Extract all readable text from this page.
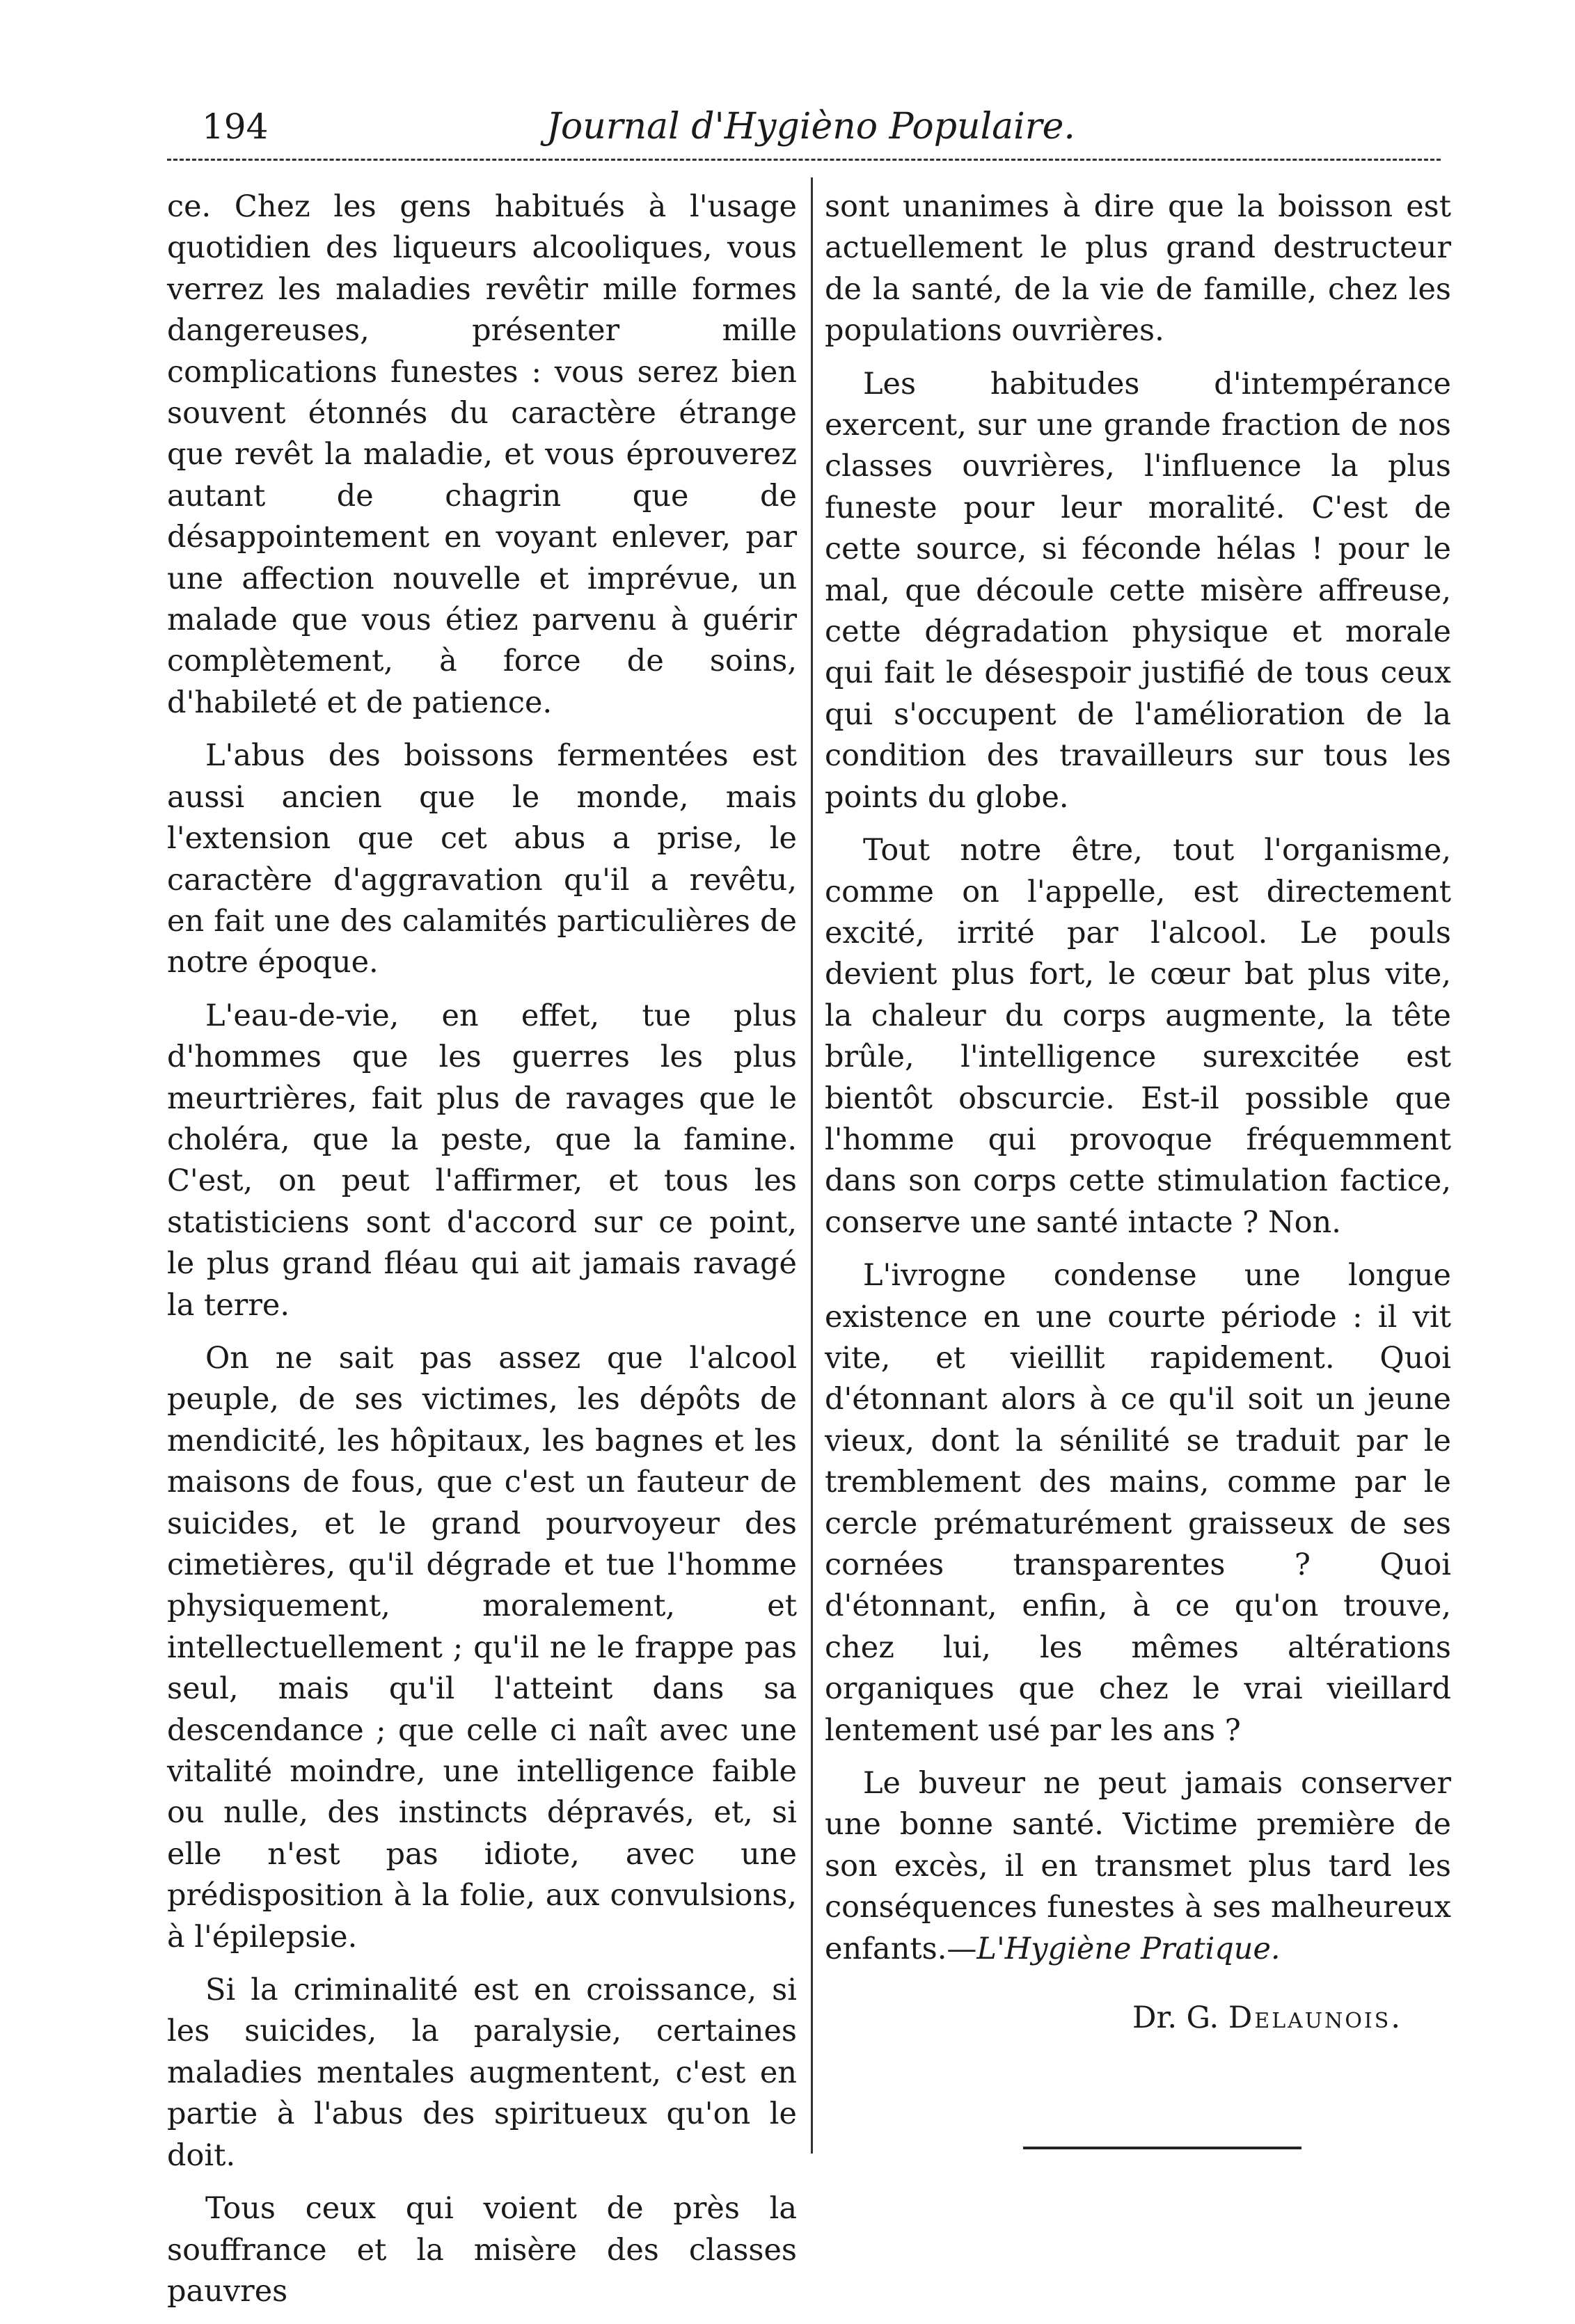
194	Journal d'Hygièno Populaire.

ce. Chez les gens habitués à l'usage quotidien des liqueurs alcooliques, vous verrez les maladies revêtir mille formes dangereuses, présenter mille complications funestes : vous serez bien souvent étonnés du caractère étrange que revêt la maladie, et vous éprouverez autant de chagrin que de désappointement en voyant enlever, par une affection nouvelle et imprévue, un malade que vous étiez parvenu à guérir complètement, à force de soins, d'habileté et de patience.

L'abus des boissons fermentées est aussi ancien que le monde, mais l'extension que cet abus a prise, le caractère d'aggravation qu'il a revêtu, en fait une des calamités particulières de notre époque.

L'eau-de-vie, en effet, tue plus d'hommes que les guerres les plus meurtrières, fait plus de ravages que le choléra, que la peste, que la famine. C'est, on peut l'affirmer, et tous les statisticiens sont d'accord sur ce point, le plus grand fléau qui ait jamais ravagé la terre.

On ne sait pas assez que l'alcool peuple, de ses victimes, les dépôts de mendicité, les hôpitaux, les bagnes et les maisons de fous, que c'est un fauteur de suicides, et le grand pourvoyeur des cimetières, qu'il dégrade et tue l'homme physiquement, moralement, et intellectuellement ; qu'il ne le frappe pas seul, mais qu'il l'atteint dans sa descendance ; que celle ci naît avec une vitalité moindre, une intelligence faible ou nulle, des instincts dépravés, et, si elle n'est pas idiote, avec une prédisposition à la folie, aux convulsions, à l'épilepsie.

Si la criminalité est en croissance, si les suicides, la paralysie, certaines maladies mentales augmentent, c'est en partie à l'abus des spiritueux qu'on le doit.

Tous ceux qui voient de près la souffrance et la misère des classes pauvres

sont unanimes à dire que la boisson est actuellement le plus grand destructeur de la santé, de la vie de famille, chez les populations ouvrières.

Les habitudes d'intempérance exercent, sur une grande fraction de nos classes ouvrières, l'influence la plus funeste pour leur moralité. C'est de cette source, si féconde hélas ! pour le mal, que découle cette misère affreuse, cette dégradation physique et morale qui fait le désespoir justifié de tous ceux qui s'occupent de l'amélioration de la condition des travailleurs sur tous les points du globe.

Tout notre être, tout l'organisme, comme on l'appelle, est directement excité, irrité par l'alcool. Le pouls devient plus fort, le cœur bat plus vite, la chaleur du corps augmente, la tête brûle, l'intelligence surexcitée est bientôt obscurcie. Est-il possible que l'homme qui provoque fréquemment dans son corps cette stimulation factice, conserve une santé intacte ? Non.

L'ivrogne condense une longue existence en une courte période : il vit vite, et vieillit rapidement. Quoi d'étonnant alors à ce qu'il soit un jeune vieux, dont la sénilité se traduit par le tremblement des mains, comme par le cercle prématurément graisseux de ses cornées transparentes ? Quoi d'étonnant, enfin, à ce qu'on trouve, chez lui, les mêmes altérations organiques que chez le vrai vieillard lentement usé par les ans ?

Le buveur ne peut jamais conserver une bonne santé. Victime première de son excès, il en transmet plus tard les conséquences funestes à ses malheureux enfants.—L'Hygiène Pratique.

Dr. G. Delaunois.
